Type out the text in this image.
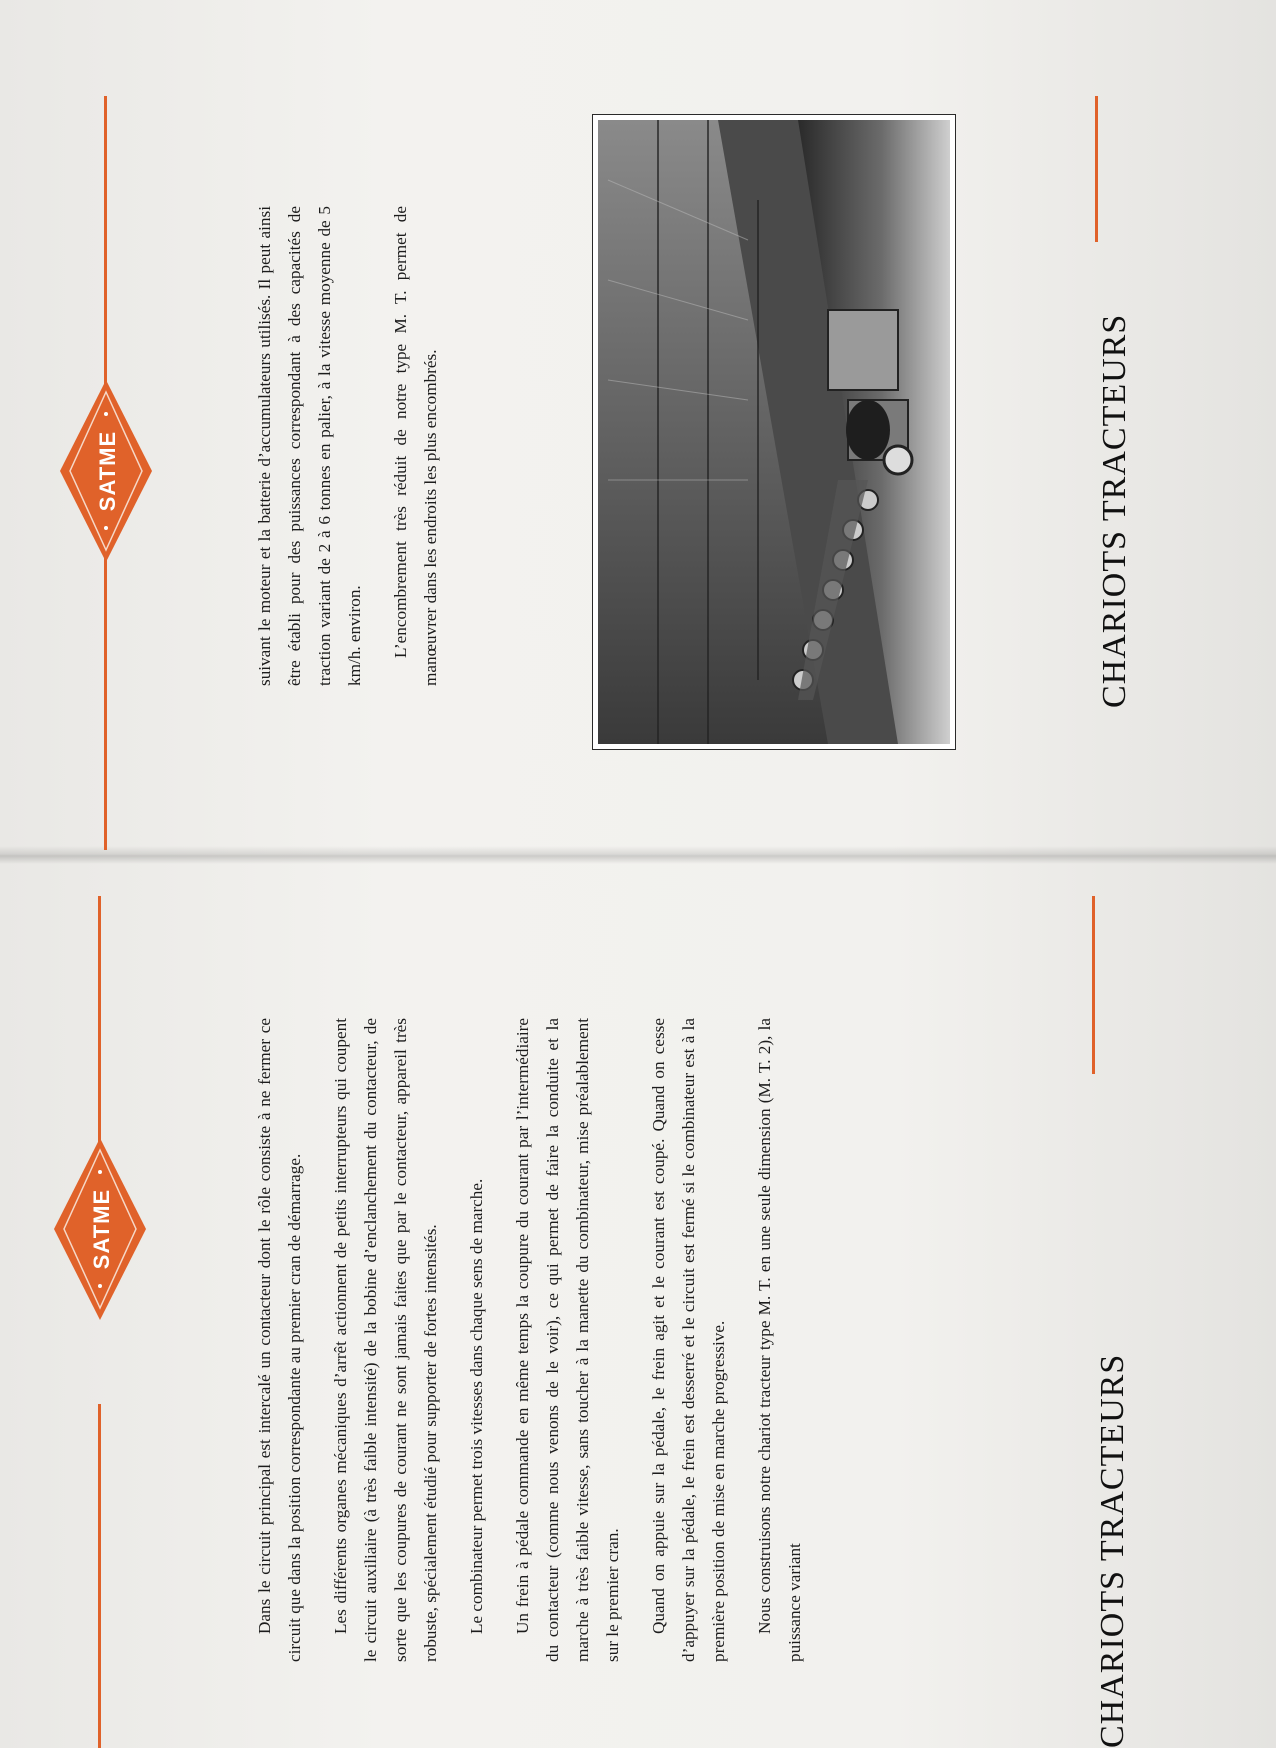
SATME	suivant le moteur et la batterie d’accumulateurs utilisés. Il peut ainsi être établi pour des puissances correspondant à des capacités de traction variant de 2 à 6 tonnes en palier, à la vitesse moyenne de 5 km/h. environ.	L’encombrement très réduit de notre type M. T. permet de manœuvrer dans les endroits les plus encombrés.	CHARIOTS TRACTEURS
SATME	Dans le circuit principal est intercalé un contacteur dont le rôle consiste à ne fermer ce circuit que dans la position correspondante au premier cran de démarrage.	Les différents organes mécaniques d’arrêt actionnent de petits interrupteurs qui coupent le circuit auxiliaire (à très faible intensité) de la bobine d’enclanchement du contacteur, de sorte que les coupures de courant ne sont jamais faites que par le contacteur, appareil très robuste, spécialement étudié pour supporter de fortes intensités.	Le combinateur permet trois vitesses dans chaque sens de marche.	Un frein à pédale commande en même temps la coupure du courant par l’intermédiaire du contacteur (comme nous venons de le voir), ce qui permet de faire la conduite et la marche à très faible vitesse, sans toucher à la manette du combinateur, mise préalablement sur le premier cran.	Quand on appuie sur la pédale, le frein agit et le courant est coupé. Quand on cesse d’appuyer sur la pédale, le frein est desserré et le circuit est fermé si le combinateur est à la première position de mise en marche progressive.	Nous construisons notre chariot tracteur type M. T. en une seule dimension (M. T. 2), la puissance variant	CHARIOTS TRACTEURS
